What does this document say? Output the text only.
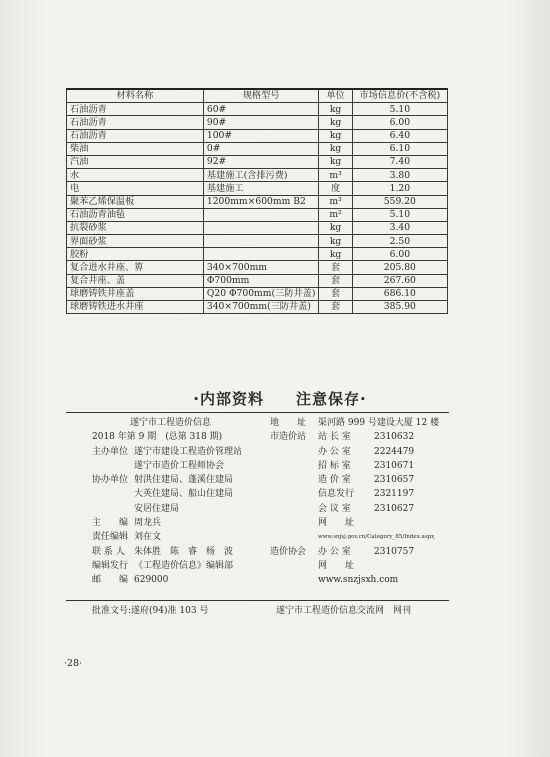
材料名称	规格型号	单位	市场信息价(不含税)
石油沥青	60#	kg	5.10
石油沥青	90#	kg	6.00
石油沥青	100#	kg	6.40
柴油	0#	kg	6.10
汽油	92#	kg	7.40
水	基建施工(含排污费)	m³	3.80
电	基建施工	度	1.20
聚苯乙烯保温板	1200mm×600mm B2	m³	559.20
石油沥青油毡		m²	5.10
抗裂砂浆		kg	3.40
界面砂浆		kg	2.50
胶粉		kg	6.00
复合进水井座、箅	340×700mm	套	205.80
复合井座、盖	Φ700mm	套	267.60
球磨铸铁井座盖	Q20 Φ700mm(三防井盖)	套	686.10
球磨铸铁进水井座	340×700mm(三防井盖)	套	385.90
·内部资料　　注意保存·
遂宁市工程造价信息
2018 年第 9 期　(总第 318 期)
主办单位 遂宁市建设工程造价管理站
遂宁市造价工程师协会
协办单位 射洪住建局、蓬溪住建局
大英住建局、船山住建局
安居住建局
主　　编 周龙兵
责任编辑 刘在文
联 系 人	朱体胜　陈　睿　杨　波
编辑发行 《工程造价信息》编辑部
邮　　编 629000
地　　址	渠河路 999 号建设大厦 12 楼
市造价站	站 长 室	2310632
办 公 室	2224479
招 标 室	2310671
造 价 室	2310657
信息发行	2321197
会 议 室	2310627
网　　址
www.snjsj.gov.cn/Category_85/Index.aspx
造价协会	办 公 室	2310757
网　　址
www.snzjsxh.com
批准文号:遂府(94)准 103 号	遂宁市工程造价信息交流网　网刊
·28·
